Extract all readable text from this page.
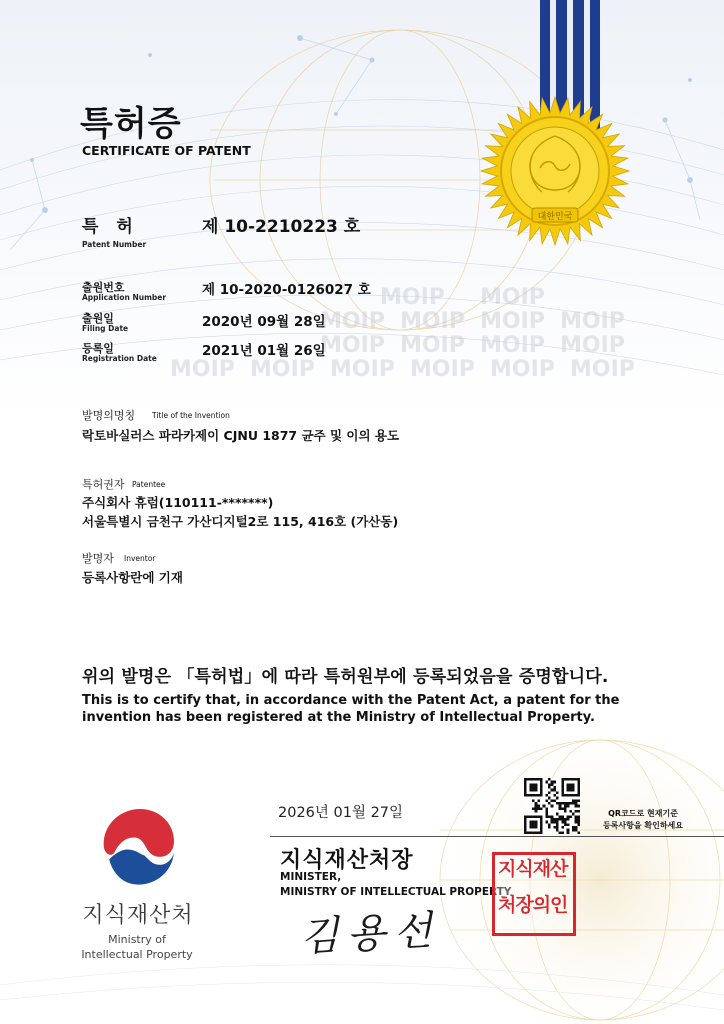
MOIP MOIP
MOIP MOIP MOIP MOIP
MOIP MOIP MOIP MOIP
MOIP MOIP MOIP MOIP MOIP MOIP
대한민국
특허증
CERTIFICATE OF PATENT
특 허
Patent Number
제 10-2210223 호
출원번호
Application Number	제 10-2020-0126027 호
출원일
Filing Date	2020년 09월 28일
등록일
Registration Date	2021년 01월 26일
발명의명칭 Title of the Invention
락토바실러스 파라카제이 CJNU 1877 균주 및 이의 용도
특허권자 Patentee
주식회사 휴럼(110111-*******)
서울특별시 금천구 가산디지털2로 115, 416호 (가산동)
발명자 Inventor
등록사항란에 기재
위의 발명은 「특허법」에 따라 특허원부에 등록되었음을 증명합니다.
This is to certify that, in accordance with the Patent Act, a patent for the invention has been registered at the Ministry of Intellectual Property.
2026년 01월 27일	QR코드로 현재기준
등록사항을 확인하세요
지식재산처장
MINISTER,
MINISTRY OF INTELLECTUAL PROPERTY
지식재산
처장의인
김용선
지식재산처
Ministry of
Intellectual Property
